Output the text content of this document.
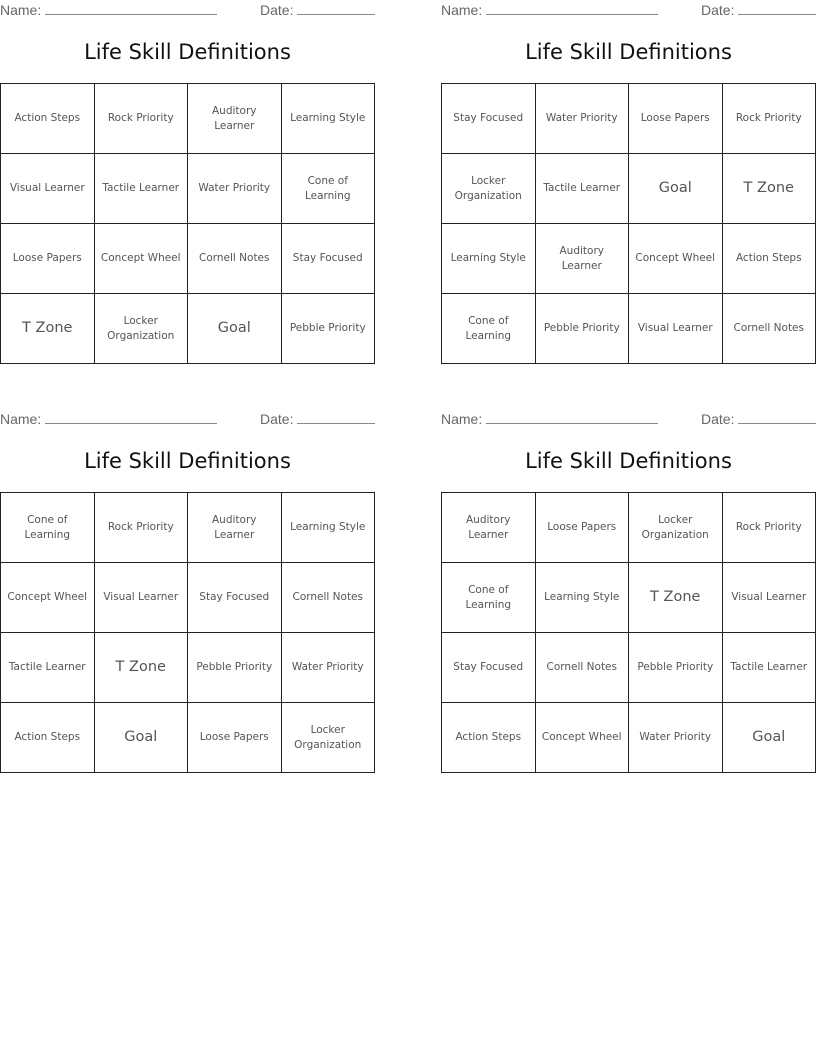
Name:	Date:
Life Skill Definitions
Action Steps	Rock Priority	Auditory Learner	Learning Style
Visual Learner	Tactile Learner	Water Priority	Cone of Learning
Loose Papers	Concept Wheel	Cornell Notes	Stay Focused
T Zone	Locker Organization	Goal	Pebble Priority
Name:	Date:
Life Skill Definitions
Stay Focused	Water Priority	Loose Papers	Rock Priority
Locker Organization	Tactile Learner	Goal	T Zone
Learning Style	Auditory Learner	Concept Wheel	Action Steps
Cone of Learning	Pebble Priority	Visual Learner	Cornell Notes
Name:	Date:
Life Skill Definitions
Cone of Learning	Rock Priority	Auditory Learner	Learning Style
Concept Wheel	Visual Learner	Stay Focused	Cornell Notes
Tactile Learner	T Zone	Pebble Priority	Water Priority
Action Steps	Goal	Loose Papers	Locker Organization
Name:	Date:
Life Skill Definitions
Auditory Learner	Loose Papers	Locker Organization	Rock Priority
Cone of Learning	Learning Style	T Zone	Visual Learner
Stay Focused	Cornell Notes	Pebble Priority	Tactile Learner
Action Steps	Concept Wheel	Water Priority	Goal
